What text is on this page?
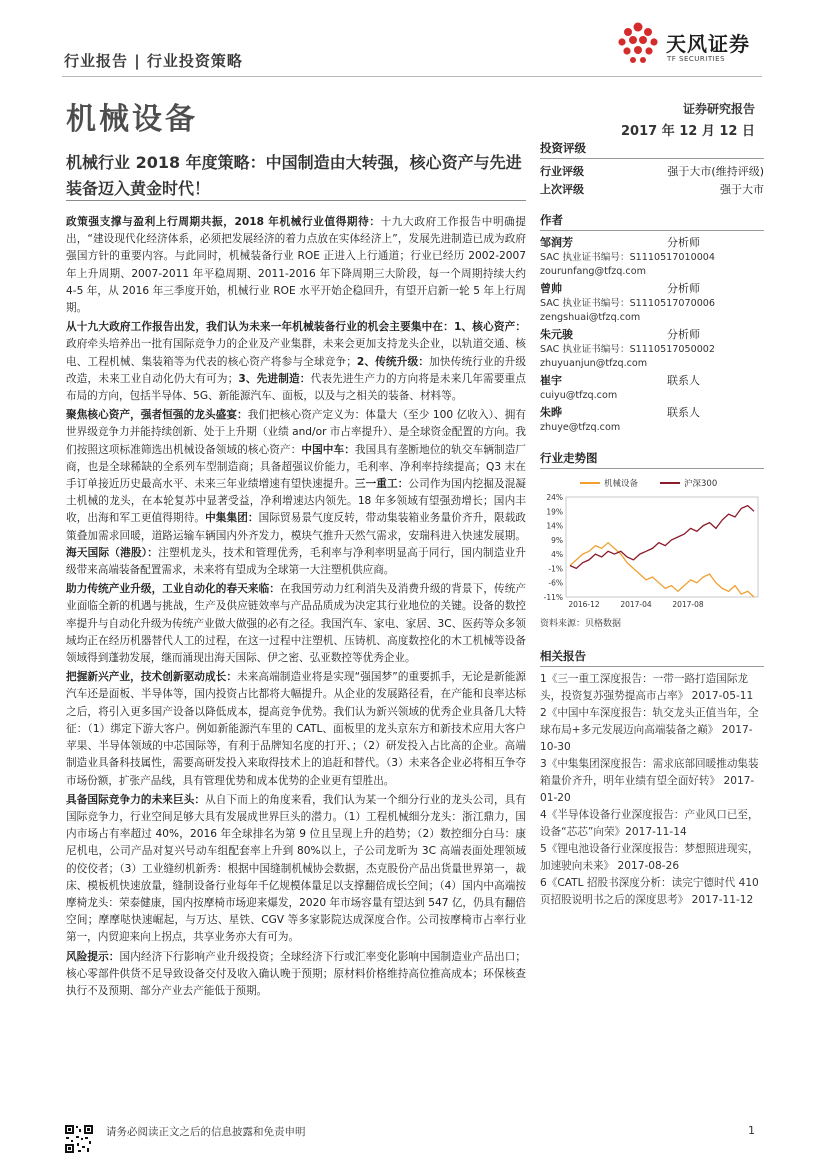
行业报告 | 行业投资策略
天风证券
TF SECURITIES
机械设备	证券研究报告
2017 年 12 月 12 日
机械行业 2018 年度策略：中国制造由大转强，核心资产与先进装备迈入黄金时代！

政策强支撑与盈利上行周期共振，2018 年机械行业值得期待：十九大政府工作报告中明确提出，“建设现代化经济体系，必须把发展经济的着力点放在实体经济上”，发展先进制造已成为政府强国方针的重要内容。与此同时，机械装备行业 ROE 正进入上行通道；行业已经历 2002-2007 年上升周期、2007-2011 年平稳周期、2011-2016 年下降周期三大阶段，每一个周期持续大约 4-5 年，从 2016 年三季度开始，机械行业 ROE 水平开始企稳回升，有望开启新一轮 5 年上行周期。

从十九大政府工作报告出发，我们认为未来一年机械装备行业的机会主要集中在：1、核心资产：政府牵头培养出一批有国际竞争力的企业及产业集群，未来会更加支持龙头企业，以轨道交通、核电、工程机械、集装箱等为代表的核心资产将参与全球竞争；2、传统升级：加快传统行业的升级改造，未来工业自动化仍大有可为；3、先进制造：代表先进生产力的方向将是未来几年需要重点布局的方向，包括半导体、5G、新能源汽车、面板，以及与之相关的装备、材料等。

聚焦核心资产，强者恒强的龙头盛宴：我们把核心资产定义为：体量大（至少 100 亿收入）、拥有世界级竞争力并能持续创新、处于上升期（业绩 and/or 市占率提升）、是全球资金配置的方向。我们按照这项标准筛选出机械设备领域的核心资产：中国中车：我国具有垄断地位的轨交车辆制造厂商，也是全球稀缺的全系列车型制造商；具备超强议价能力，毛利率、净利率持续提高；Q3 末在手订单接近历史最高水平、未来三年业绩增速有望快速提升。三一重工：公司作为国内挖掘及混凝土机械的龙头，在本轮复苏中显著受益，净利增速达内领先。18 年多领域有望强劲增长；国内丰收，出海和军工更值得期待。中集集团：国际贸易景气度反转，带动集装箱业务量价齐升，限载政策叠加需求回暖，道路运输车辆国内外齐发力，模块气推升天然气需求，安瑞科进入快速发展期。海天国际（港股）：注塑机龙头，技术和管理优秀，毛利率与净利率明显高于同行，国内制造业升级带来高端装备配置需求，未来将有望成为全球第一大注塑机供应商。

助力传统产业升级，工业自动化的春天来临：在我国劳动力红利消失及消费升级的背景下，传统产业面临全新的机遇与挑战，生产及供应链效率与产品品质成为决定其行业地位的关键。设备的数控率提升与自动化升级为传统产业做大做强的必有之径。我国汽车、家电、家居、3C、医药等众多领域均正在经历机器替代人工的过程，在这一过程中注塑机、压铸机、高度数控化的木工机械等设备领域得到蓬勃发展，继而涌现出海天国际、伊之密、弘亚数控等优秀企业。

把握新兴产业，技术创新驱动成长：未来高端制造业将是实现“强国梦”的重要抓手，无论是新能源汽车还是面板、半导体等，国内投资占比都将大幅提升。从企业的发展路径看，在产能和良率达标之后，将引入更多国产设备以降低成本，提高竞争优势。我们认为新兴领域的优秀企业具备几大特征：（1）绑定下游大客户。例如新能源汽车里的 CATL、面板里的龙头京东方和新技术应用大客户苹果、半导体领域的中芯国际等，有利于品牌知名度的打开、；（2）研发投入占比高的企业。高端制造业具备科技属性，需要高研发投入来取得技术上的追赶和替代。（3）未来各企业必将相互争夺市场份额，扩张产品线，具有管理优势和成本优势的企业更有望胜出。

具备国际竞争力的未来巨头：从自下而上的角度来看，我们认为某一个细分行业的龙头公司，具有国际竞争力，行业空间足够大具有发展成世界巨头的潜力。（1）工程机械细分龙头：浙江鼎力，国内市场占有率超过 40%，2016 年全球排名为第 9 位且呈现上升的趋势；（2）数控细分白马：康尼机电，公司产品对复兴号动车组配套率上升到 80%以上，子公司龙昕为 3C 高端表面处理领域的佼佼者；（3）工业缝纫机新秀：根据中国缝制机械协会数据，杰克股份产品出货量世界第一，裁床、模板机快速放量，缝制设备行业每年千亿规模体量足以支撑翻倍成长空间；（4）国内中高端按摩椅龙头：荣泰健康，国内按摩椅市场迎来爆发，2020 年市场容量有望达到 547 亿，仍具有翻倍空间；摩摩哒快速崛起，与万达、星铁、CGV 等多家影院达成深度合作。公司按摩椅市占率行业第一，内贸迎来向上拐点，共享业务亦大有可为。

风险提示：国内经济下行影响产业升级投资；全球经济下行或汇率变化影响中国制造业产品出口；核心零部件供货不足导致设备交付及收入确认晚于预期；原材料价格维持高位推高成本；环保核查执行不及预期、部分产业去产能低于预期。

投资评级
行业评级	强于大市(维持评级)
上次评级	强于大市
作者
邹润芳	分析师
SAC 执业证书编号：S1110517010004
zourunfang@tfzq.com
曾帅	分析师
SAC 执业证书编号：S1110517070006
zengshuai@tfzq.com
朱元骏	分析师
SAC 执业证书编号：S1110517050002
zhuyuanjun@tfzq.com
崔宇	联系人
cuiyu@tfzq.com
朱晔	联系人
zhuye@tfzq.com
行业走势图
24%
19%
14%
9%
4%
-1%
-6%
-11%
2016-12	2017-04	2017-08
机械设备	沪深300
资料来源：贝格数据
相关报告
1《三一重工深度报告：一带一路打造国际龙头，投资复苏强势提高市占率》 2017-05-11
2《中国中车深度报告：轨交龙头正值当年，全球布局+多元发展迈向高端装备之巅》 2017-10-30
3《中集集团深度报告：需求底部回暖推动集装箱量价齐升，明年业绩有望全面好转》 2017-01-20
4《半导体设备行业深度报告：产业风口已至，设备“芯芯”向荣》2017-11-14
5《锂电池设备行业深度报告：梦想照进现实，加速驶向未来》 2017-08-26
6《CATL 招股书深度分析：读完宁德时代 410 页招股说明书之后的深度思考》 2017-11-12
请务必阅读正文之后的信息披露和免责申明	1
